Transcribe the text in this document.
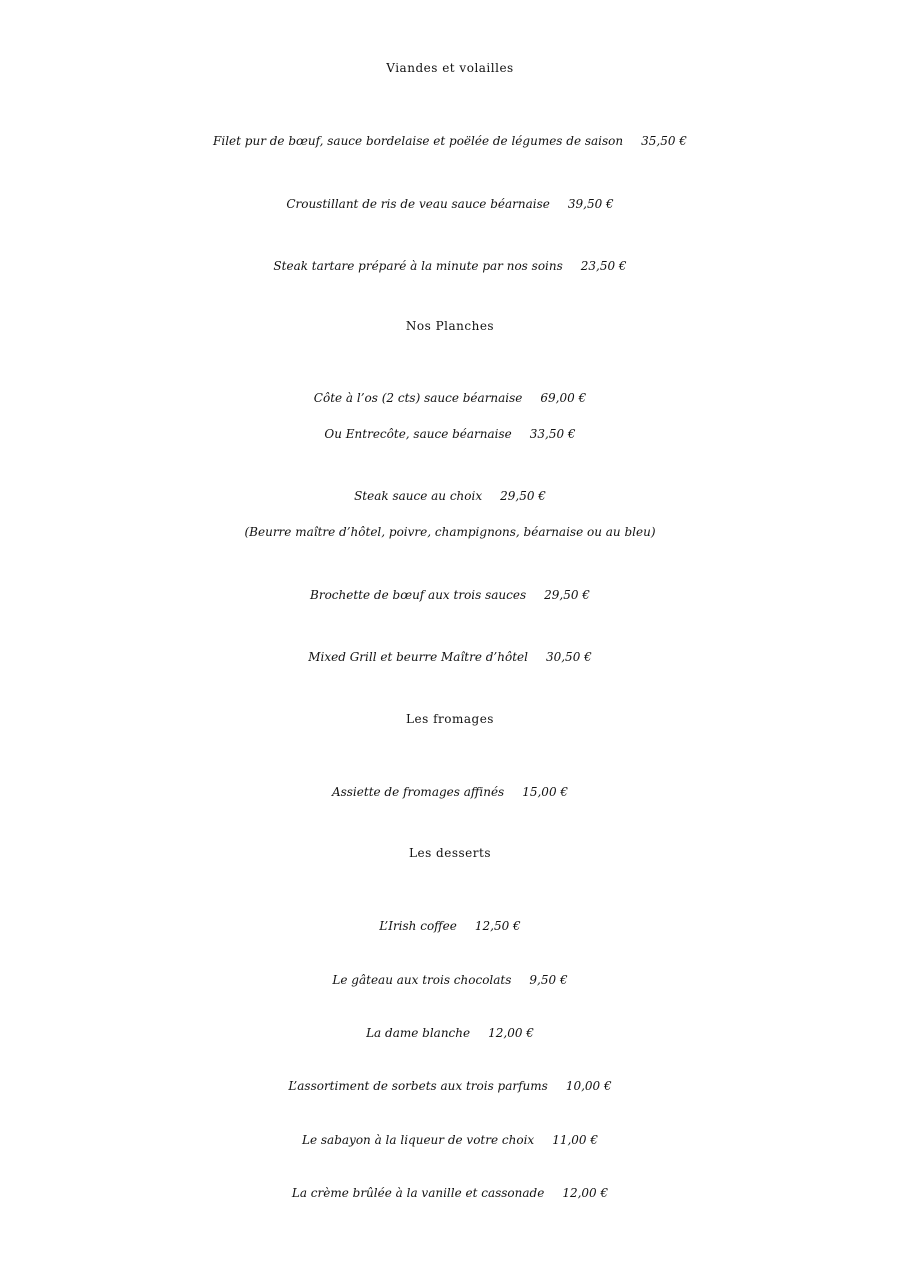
Viandes et volailles
Filet pur de bœuf, sauce bordelaise et poëlée de légumes de saison 35,50 €
Croustillant de ris de veau sauce béarnaise 39,50 €
Steak tartare préparé à la minute par nos soins 23,50 €
Nos Planches
Côte à l’os (2 cts) sauce béarnaise 69,00 €
Ou Entrecôte, sauce béarnaise 33,50 €
Steak sauce au choix 29,50 €
(Beurre maître d’hôtel, poivre, champignons, béarnaise ou au bleu)
Brochette de bœuf aux trois sauces 29,50 €
Mixed Grill et beurre Maître d’hôtel 30,50 €
Les fromages
Assiette de fromages affinés 15,00 €
Les desserts
L’Irish coffee 12,50 €
Le gâteau aux trois chocolats 9,50 €
La dame blanche 12,00 €
L’assortiment de sorbets aux trois parfums 10,00 €
Le sabayon à la liqueur de votre choix 11,00 €
La crème brûlée à la vanille et cassonade 12,00 €
